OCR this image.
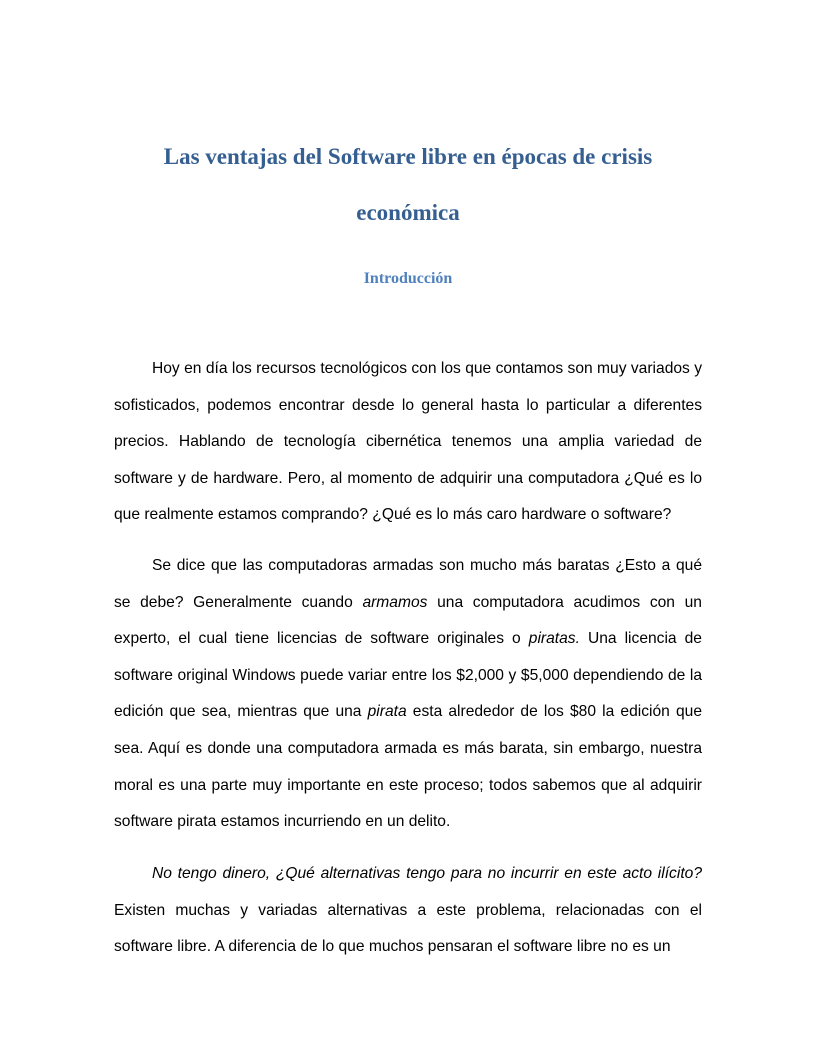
Las ventajas del Software libre en épocas de crisis
económica
Introducción

Hoy en día los recursos tecnológicos con los que contamos son muy variados y sofisticados, podemos encontrar desde lo general hasta lo particular a diferentes precios. Hablando de tecnología cibernética tenemos una amplia variedad de software y de hardware. Pero, al momento de adquirir una computadora ¿Qué es lo que realmente estamos comprando? ¿Qué es lo más caro hardware o software?

Se dice que las computadoras armadas son mucho más baratas ¿Esto a qué se debe? Generalmente cuando armamos una computadora acudimos con un experto, el cual tiene licencias de software originales o piratas. Una licencia de software original Windows puede variar entre los $2,000 y $5,000 dependiendo de la edición que sea, mientras que una pirata esta alrededor de los $80 la edición que sea. Aquí es donde una computadora armada es más barata, sin embargo, nuestra moral es una parte muy importante en este proceso; todos sabemos que al adquirir software pirata estamos incurriendo en un delito.

No tengo dinero, ¿Qué alternativas tengo para no incurrir en este acto ilícito? Existen muchas y variadas alternativas a este problema, relacionadas con el software libre. A diferencia de lo que muchos pensaran el software libre no es un
